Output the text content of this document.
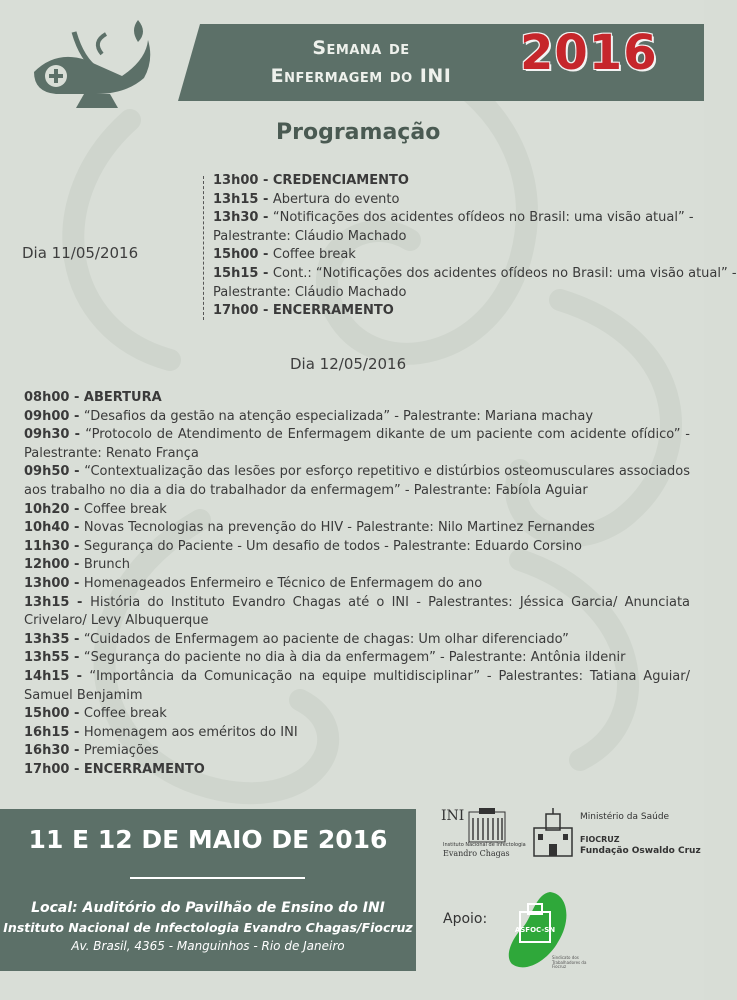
Semana de
Enfermagem do INI	2016
Programação
Dia 11/05/2016
13h00 - CREDENCIAMENTO
13h15 - Abertura do evento
13h30 - “Notificações dos acidentes ofídeos no Brasil: uma visão atual” -
Palestrante: Cláudio Machado
15h00 - Coffee break
15h15 - Cont.: “Notificações dos acidentes ofídeos no Brasil: uma visão atual” -
Palestrante: Cláudio Machado
17h00 - ENCERRAMENTO
Dia 12/05/2016
08h00 - ABERTURA
09h00 - “Desafios da gestão na atenção especializada” - Palestrante: Mariana machay
09h30 - “Protocolo de Atendimento de Enfermagem dikante de um paciente com acidente ofídico” - Palestrante: Renato França
09h50 - “Contextualização das lesões por esforço repetitivo e distúrbios osteomusculares associados aos trabalho no dia a dia do trabalhador da enfermagem” - Palestrante: Fabíola Aguiar
10h20 - Coffee break
10h40 - Novas Tecnologias na prevenção do HIV - Palestrante: Nilo Martinez Fernandes
11h30 - Segurança do Paciente - Um desafio de todos - Palestrante: Eduardo Corsino
12h00 - Brunch
13h00 - Homenageados Enfermeiro e Técnico de Enfermagem do ano
13h15 - História do Instituto Evandro Chagas até o INI - Palestrantes: Jéssica Garcia/ Anunciata Crivelaro/ Levy Albuquerque
13h35 - “Cuidados de Enfermagem ao paciente de chagas: Um olhar diferenciado”
13h55 - “Segurança do paciente no dia à dia da enfermagem” - Palestrante: Antônia ildenir
14h15 - “Importância da Comunicação na equipe multidisciplinar” - Palestrantes: Tatiana Aguiar/ Samuel Benjamim
15h00 - Coffee break
16h15 - Homenagem aos eméritos do INI
16h30 - Premiações
17h00 - ENCERRAMENTO
11 E 12 DE MAIO DE 2016
Local: Auditório do Pavilhão de Ensino do INI
Instituto Nacional de Infectologia Evandro Chagas/Fiocruz
Av. Brasil, 4365 - Manguinhos - Rio de Janeiro
INI
Instituto Nacional de Infectologia
Evandro Chagas
Ministério da Saúde
FIOCRUZ
Fundação Oswaldo Cruz
Apoio:
ASFOC-SN
Sindicato dos Trabalhadores da Fiocruz
